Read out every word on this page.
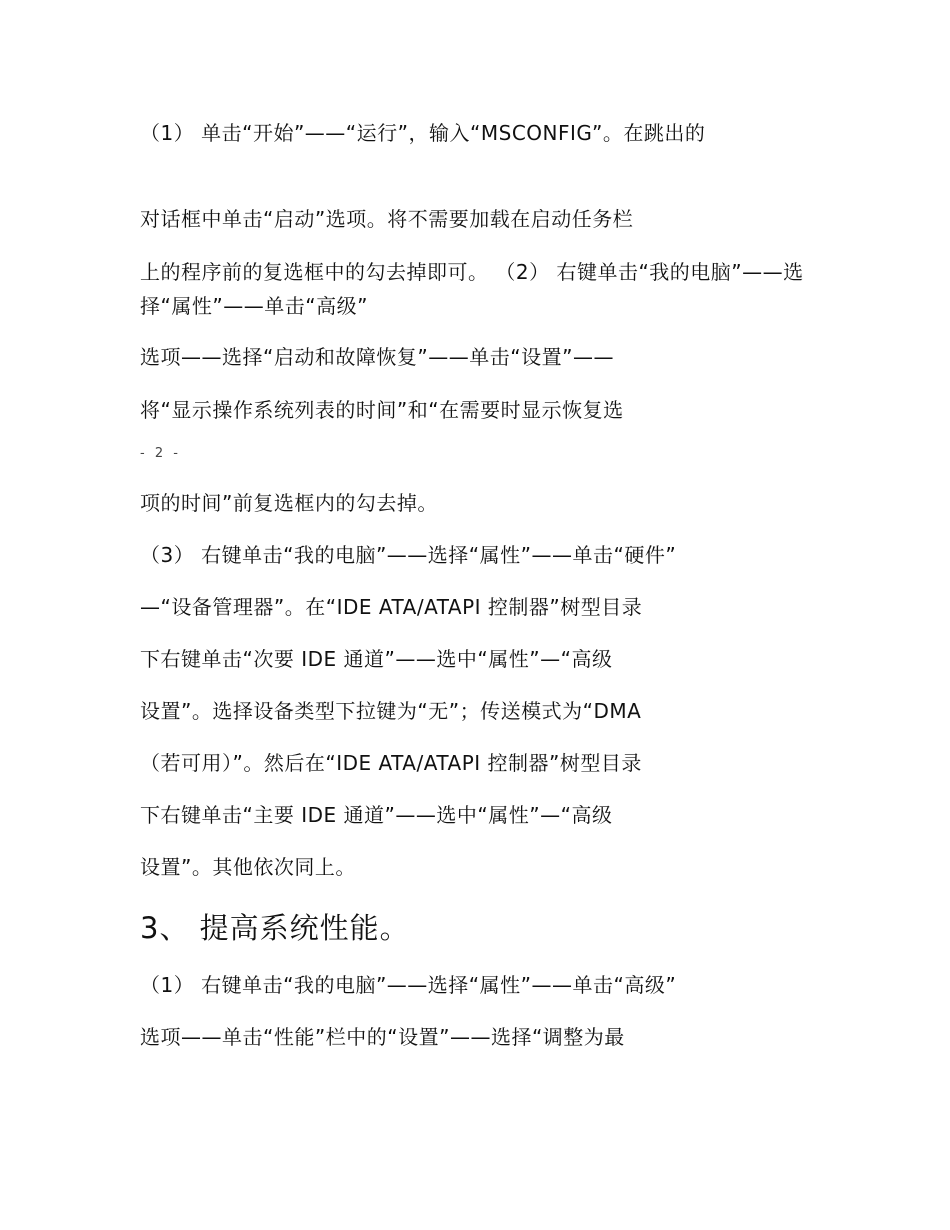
（1） 单击“开始”——“运行”，输入“MSCONFIG”。在跳出的
对话框中单击“启动”选项。将不需要加载在启动任务栏
上的程序前的复选框中的勾去掉即可。 （2） 右键单击“我的电脑”——选择“属性”——单击“高级”
选项——选择“启动和故障恢复”——单击“设置”——
将“显示操作系统列表的时间”和“在需要时显示恢复选
- 2 -
项的时间”前复选框内的勾去掉。
（3） 右键单击“我的电脑”——选择“属性”——单击“硬件”
—“设备管理器”。在“IDE ATA/ATAPI 控制器”树型目录
下右键单击“次要 IDE 通道”——选中“属性”—“高级
设置”。选择设备类型下拉键为“无”；传送模式为“DMA
（若可用）”。然后在“IDE ATA/ATAPI 控制器”树型目录
下右键单击“主要 IDE 通道”——选中“属性”—“高级
设置”。其他依次同上。
3、 提高系统性能。
（1） 右键单击“我的电脑”——选择“属性”——单击“高级”
选项——单击“性能”栏中的“设置”——选择“调整为最
